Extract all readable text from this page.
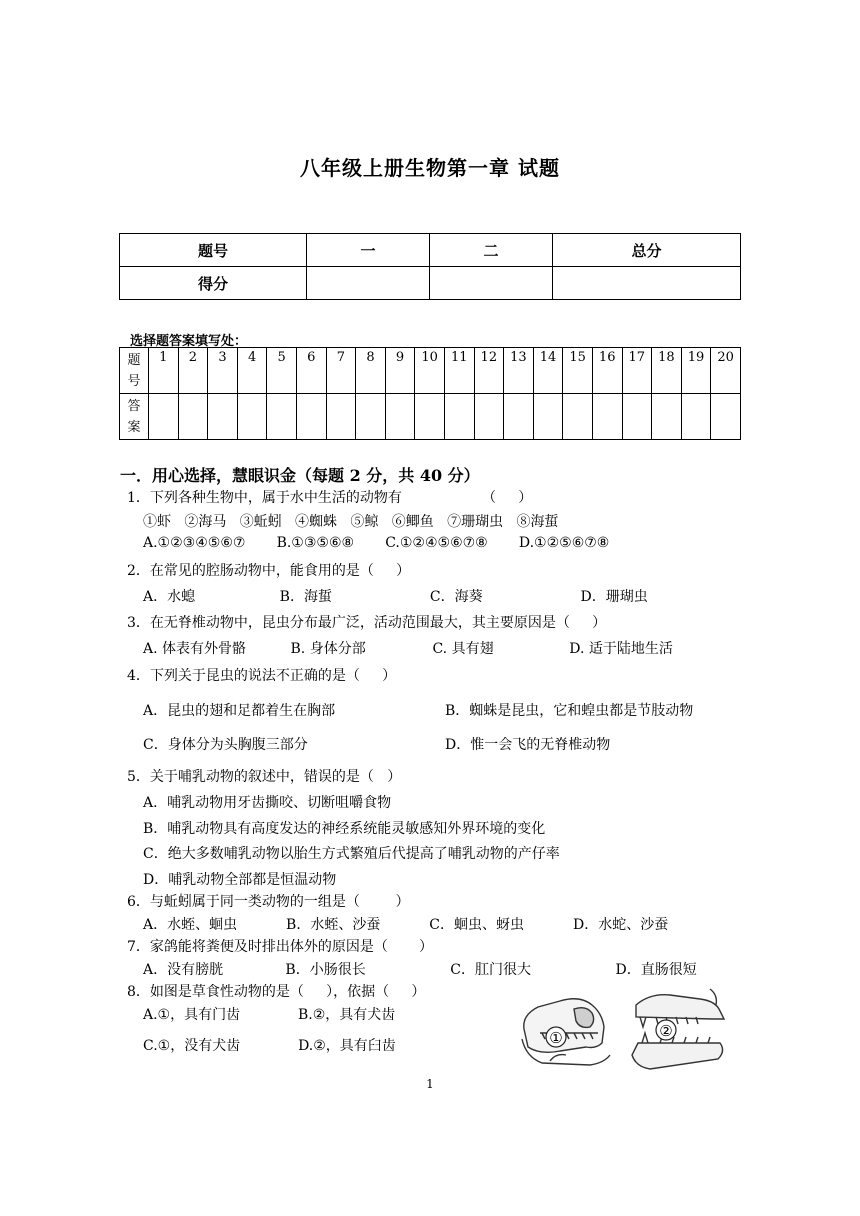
八年级上册生物第一章 试题
题号	一	二	总分
得分			
选择题答案填写处：
题
号	1	2	3	4	5	6	7	8	9	10	11	12	13	14	15	16	17	18	19	20
答
案																				
一．用心选择，慧眼识金（每题 2 分，共 40 分）
1．下列各种生物中，属于水中生活的动物有                  （     ）
①虾   ②海马   ③蚯蚓   ④蜘蛛   ⑤鲸   ⑥鲫鱼   ⑦珊瑚虫   ⑧海蜇
A.①②③④⑤⑥⑦       B.①③⑤⑥⑧       C.①②④⑤⑥⑦⑧       D.①②⑤⑥⑦⑧
2．在常见的腔肠动物中，能食用的是（     ）
A．水螅                   B．海蜇                      C．海葵                      D．珊瑚虫
3．在无脊椎动物中，昆虫分布最广泛，活动范围最大，其主要原因是（     ）
A. 体表有外骨骼          B. 身体分部               C. 具有翅                 D. 适于陆地生活
4．下列关于昆虫的说法不正确的是（     ）
A．昆虫的翅和足都着生在胸部	B．蜘蛛是昆虫，它和蝗虫都是节肢动物
C．身体分为头胸腹三部分	D．惟一会飞的无脊椎动物
5．关于哺乳动物的叙述中，错误的是（   ）
A．哺乳动物用牙齿撕咬、切断咀嚼食物
B．哺乳动物具有高度发达的神经系统能灵敏感知外界环境的变化
C．绝大多数哺乳动物以胎生方式繁殖后代提高了哺乳动物的产仔率
D．哺乳动物全部都是恒温动物
6．与蚯蚓属于同一类动物的一组是（        ）
A．水蛭、蛔虫           B．水蛭、沙蚕           C．蛔虫、蚜虫           D．水蛇、沙蚕
7．家鸽能将粪便及时排出体外的原因是（       ）
A．没有膀胱              B．小肠很长                   C．肛门很大                   D．直肠很短
8．如图是草食性动物的是（     ），依据（     ）
A.①，具有门齿             B.②，具有犬齿
C.①，没有犬齿             D.②，具有臼齿	①	②
1
